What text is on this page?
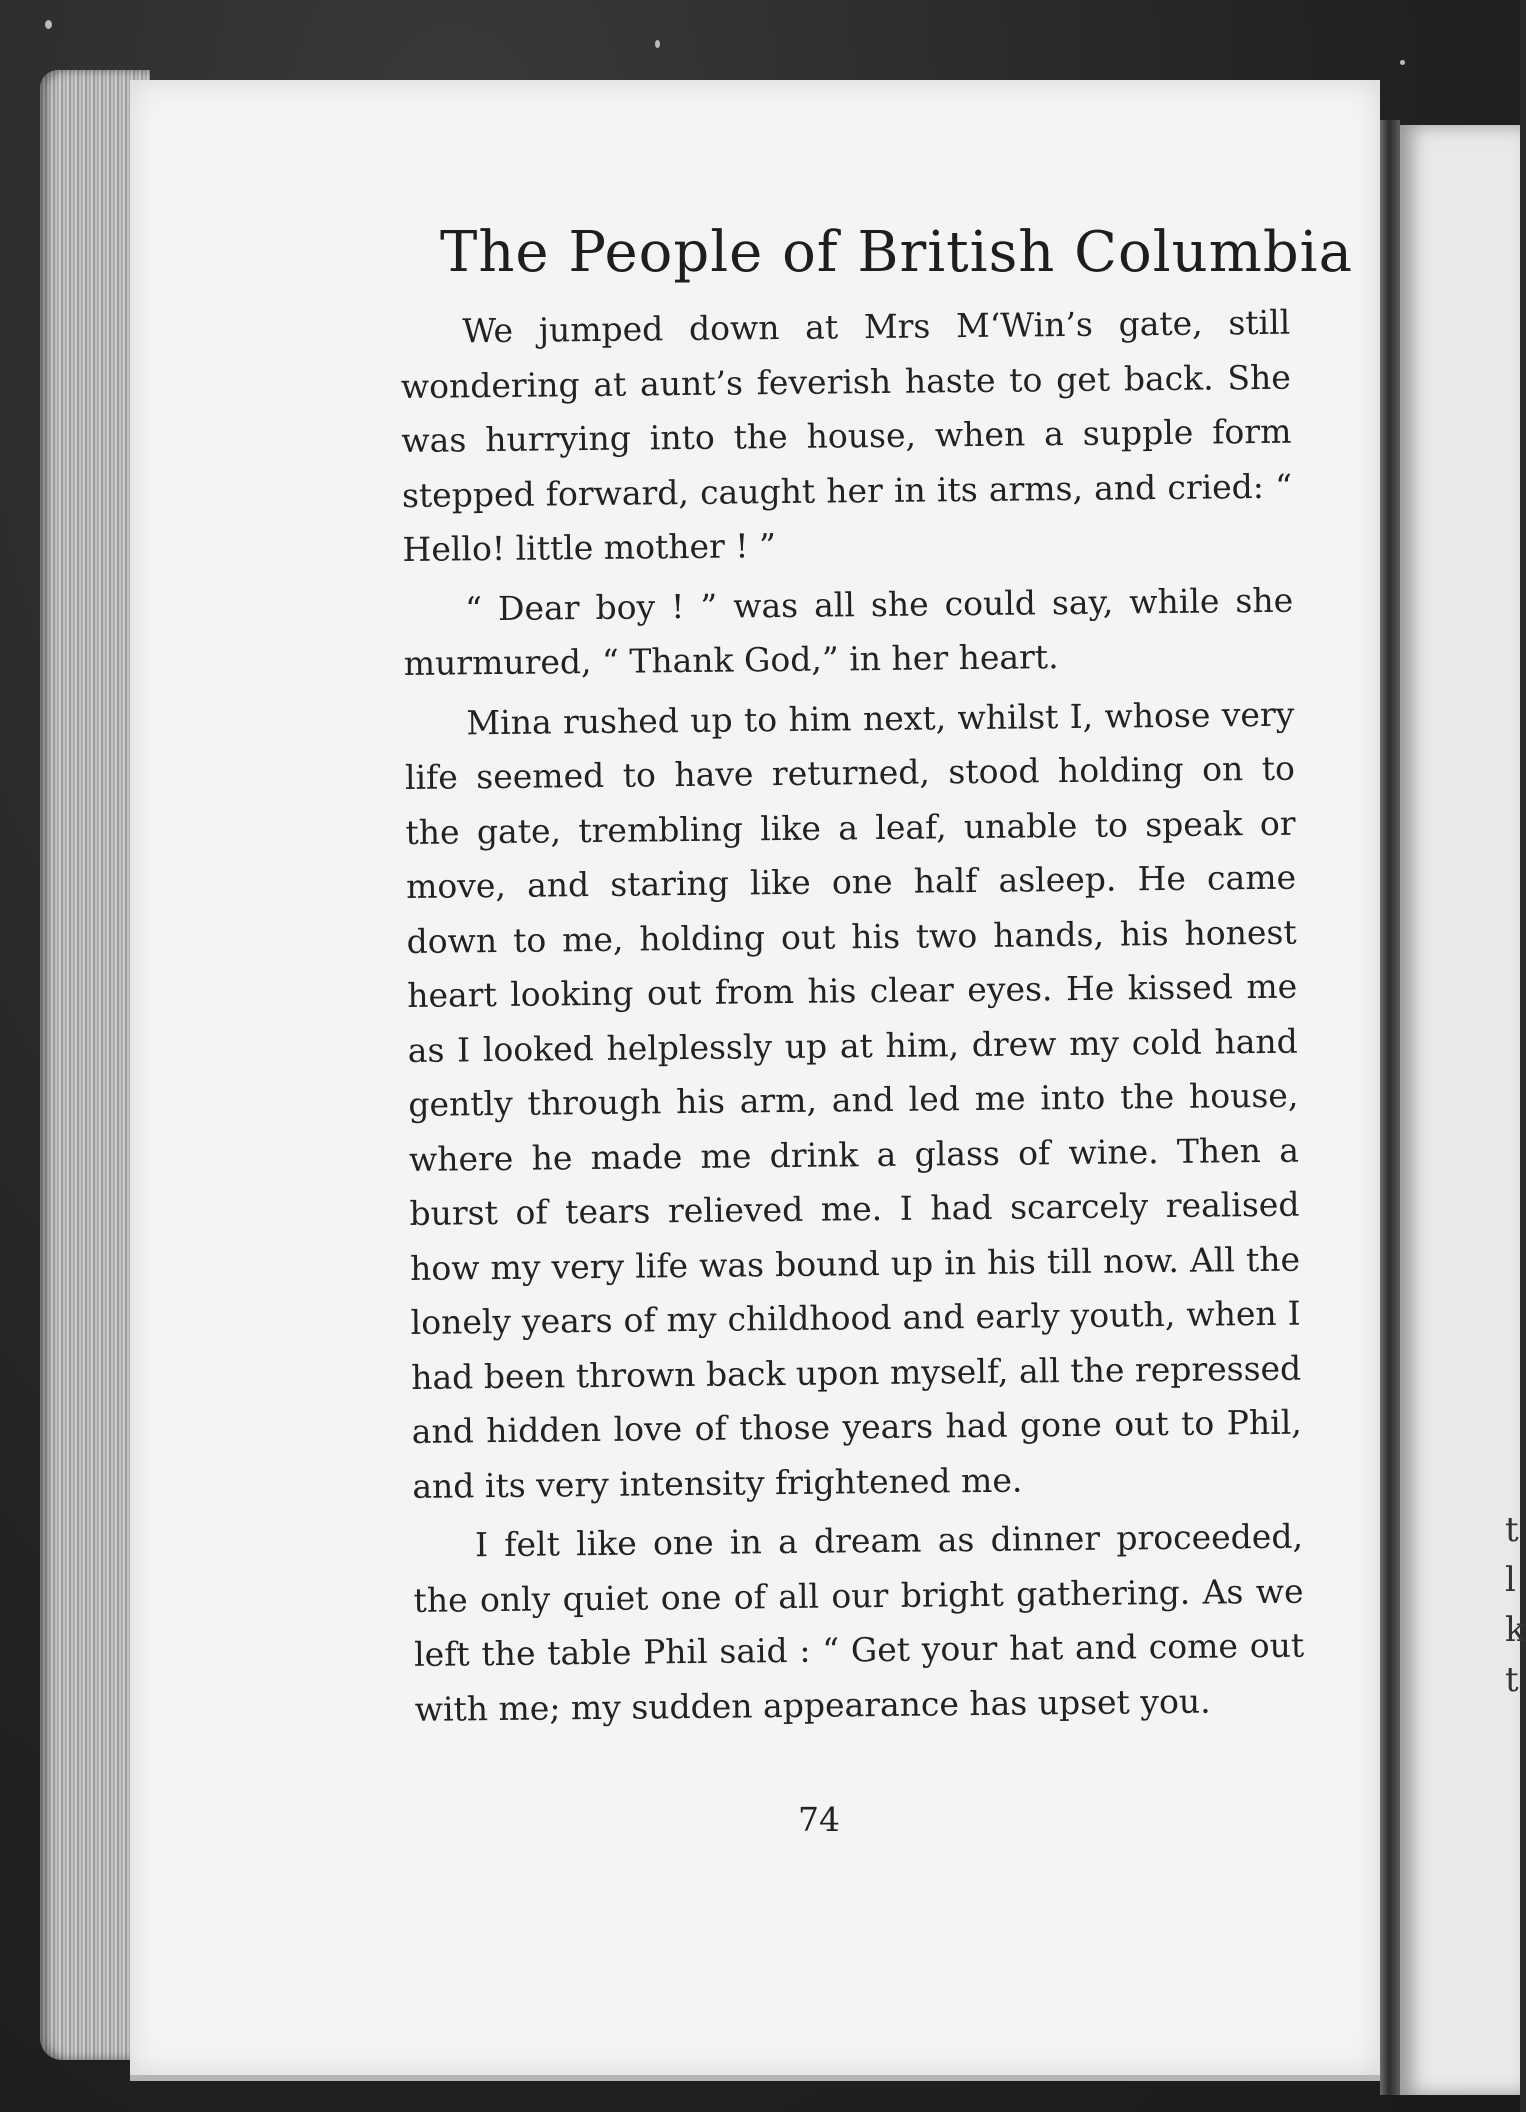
t
l
k
t
The People of British Columbia

We jumped down at Mrs M‘Win’s gate, still wondering at aunt’s feverish haste to get back. She was hurrying into the house, when a supple form stepped forward, caught her in its arms, and cried: “ Hello! little mother ! ”

“ Dear boy ! ” was all she could say, while she murmured, “ Thank God,” in her heart.

Mina rushed up to him next, whilst I, whose very life seemed to have returned, stood holding on to the gate, trembling like a leaf, unable to speak or move, and staring like one half asleep. He came down to me, holding out his two hands, his honest heart looking out from his clear eyes. He kissed me as I looked helplessly up at him, drew my cold hand gently through his arm, and led me into the house, where he made me drink a glass of wine. Then a burst of tears relieved me. I had scarcely realised how my very life was bound up in his till now. All the lonely years of my childhood and early youth, when I had been thrown back upon myself, all the repressed and hidden love of those years had gone out to Phil, and its very intensity frightened me.

I felt like one in a dream as dinner proceeded, the only quiet one of all our bright gathering. As we left the table Phil said : “ Get your hat and come out with me; my sudden appearance has upset you.

74
